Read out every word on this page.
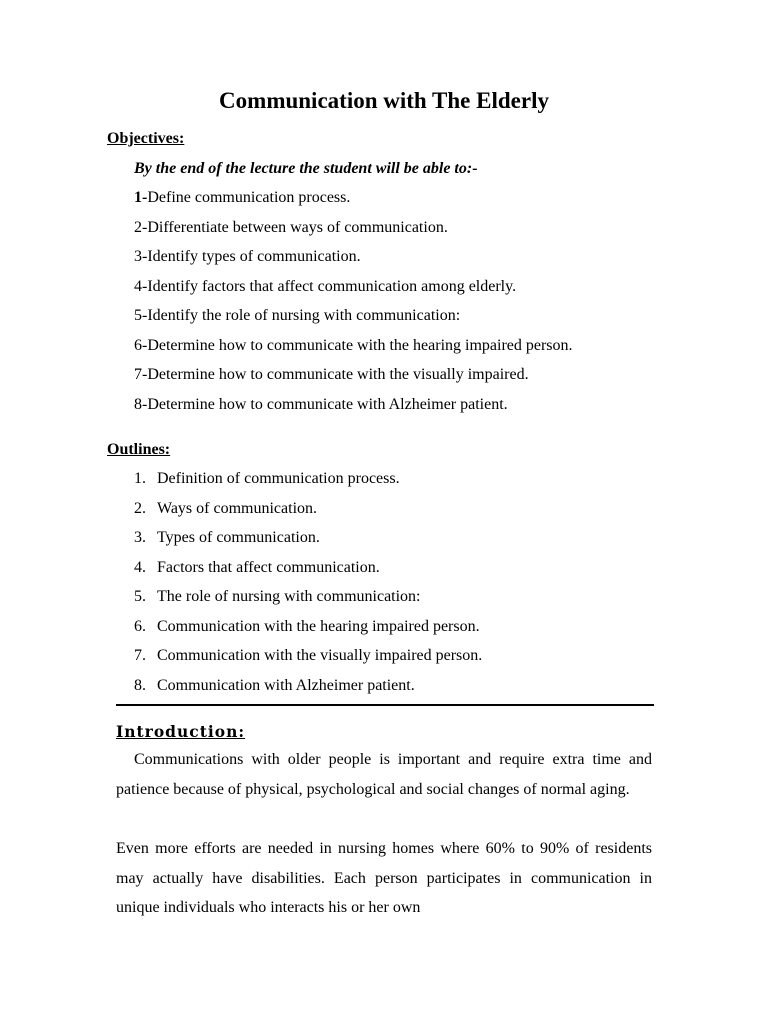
Communication with The Elderly
Objectives:
By the end of the lecture the student will be able to:-
1-Define communication process.
2-Differentiate between ways of communication.
3-Identify types of communication.
4-Identify factors that affect communication among elderly.
5-Identify the role of nursing with communication:
6-Determine how to communicate with the hearing impaired person.
7-Determine how to communicate with the visually impaired.
8-Determine how to communicate with Alzheimer patient.
Outlines:
1. Definition of communication process.
2. Ways of communication.
3. Types of communication.
4. Factors that affect communication.
5. The role of nursing with communication:
6. Communication with the hearing impaired person.
7. Communication with the visually impaired person.
8. Communication with Alzheimer patient.
Introduction:

Communications with older people is important and require extra time and patience because of physical, psychological and social changes of normal aging.

Even more efforts are needed in nursing homes where 60% to 90% of residents may actually have disabilities. Each person participates in communication in unique individuals who interacts his or her own
